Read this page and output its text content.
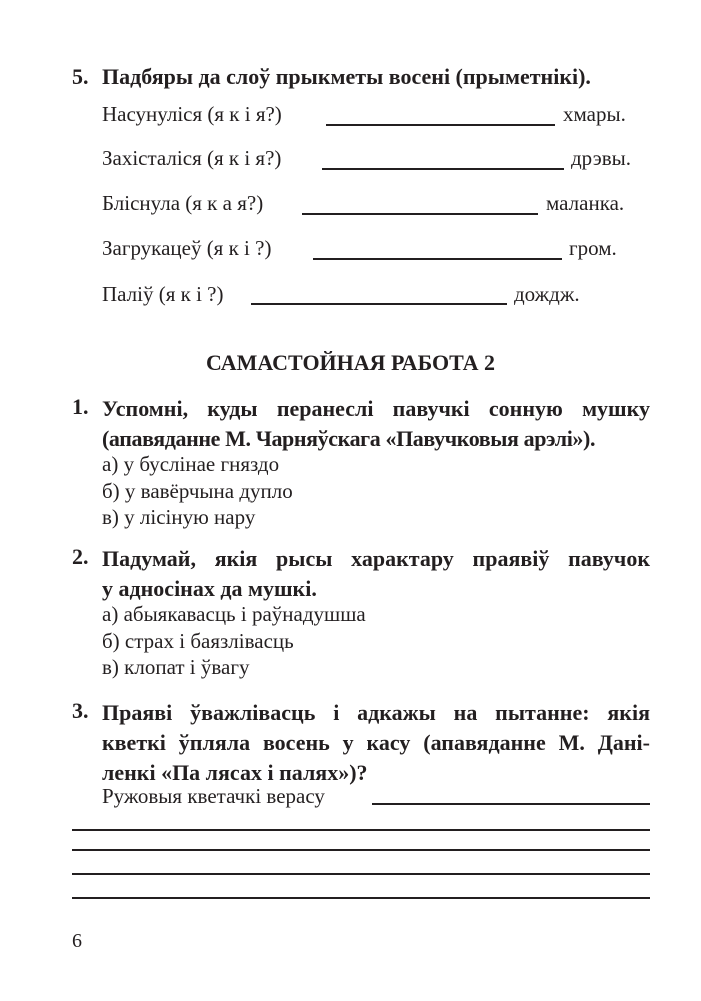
5. Падбяры да слоў прыкметы восені (прыметнікі).
Насунуліся (я к і я?)	хмары.
Захісталіся (я к і я?)	дрэвы.
Бліснула (я к а я?)	маланка.
Загрукацеў (я к і ?)	гром.
Паліў (я к і ?)	дождж.
САМАСТОЙНАЯ РАБОТА 2
1. Успомні, куды перанеслі павучкі сонную мушку
(апавяданне М. Чарняўскага «Павучковыя арэлі»).
а) у буслінае гняздо
б) у вавёрчына дупло
в) у лісіную нару
2. Падумай, якія рысы характару праявіў павучок
у адносінах да мушкі.
а) абыякавасць і раўнадушша
б) страх і баязлівасць
в) клопат і ўвагу
3. Праяві ўважлівасць і адкажы на пытанне: якія
кветкі ўпляла восень у касу (апавяданне М. Дані-
ленкі «Па лясах і палях»)?
Ружовыя кветачкі верасу
6
